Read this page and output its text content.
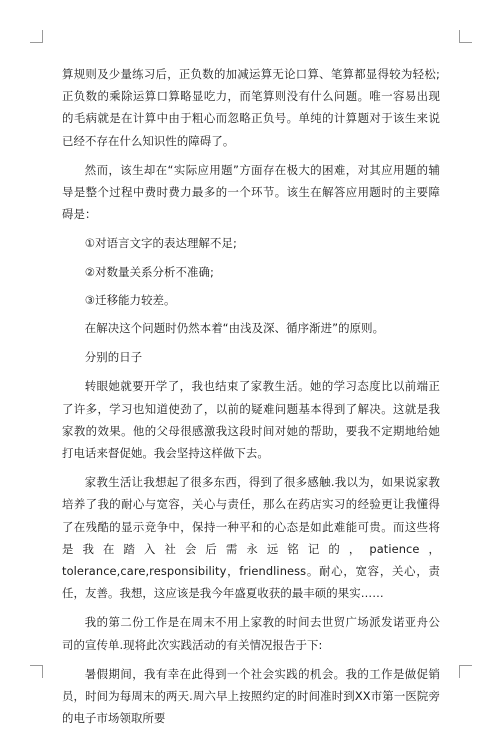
算规则及少量练习后，正负数的加减运算无论口算、笔算都显得较为轻松;正负数的乘除运算口算略显吃力，而笔算则没有什么问题。唯一容易出现的毛病就是在计算中由于粗心而忽略正负号。单纯的计算题对于该生来说已经不存在什么知识性的障碍了。

然而，该生却在“实际应用题”方面存在极大的困难，对其应用题的辅导是整个过程中费时费力最多的一个环节。该生在解答应用题时的主要障碍是：

①对语言文字的表达理解不足;

②对数量关系分析不准确;

③迁移能力较差。

在解决这个问题时仍然本着“由浅及深、循序渐进”的原则。

分别的日子

转眼她就要开学了，我也结束了家教生活。她的学习态度比以前端正了许多，学习也知道使劲了，以前的疑难问题基本得到了解决。这就是我家教的效果。他的父母很感激我这段时间对她的帮助，要我不定期地给她打电话来督促她。我会坚持这样做下去。

家教生活让我想起了很多东西，得到了很多感触.我以为，如果说家教培养了我的耐心与宽容，关心与责任，那么在药店实习的经验更让我懂得了在残酷的显示竞争中，保持一种平和的心态是如此难能可贵。而这些将是我在踏入社会后需永远铭记的，patience，tolerance,care,responsibility，friendliness。耐心，宽容，关心，责任，友善。我想，这应该是我今年盛夏收获的最丰硕的果实……

我的第二份工作是在周末不用上家教的时间去世贸广场派发诺亚舟公司的宣传单.现将此次实践活动的有关情况报告于下:

暑假期间，我有幸在此得到一个社会实践的机会。我的工作是做促销员，时间为每周末的两天.周六早上按照约定的时间准时到XX市第一医院旁的电子市场领取所要
